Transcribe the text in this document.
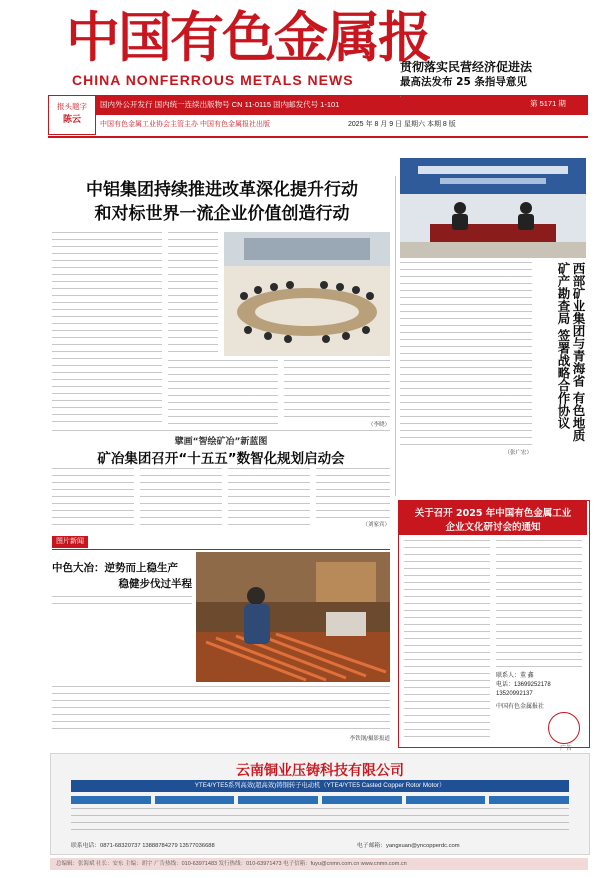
中国有色金属报
CHINA NONFERROUS METALS NEWS
国内外公开发行 国内统一连续出版物号 CN 11-0115 国内邮发代号 1-101
报头题字
陈云
中国有色金属工业协会主管主办 中国有色金属报社出版	2025 年 8 月 9 日 星期六 本期 8 版
第 5171 期
贯彻落实民营经济促进法
最高法发布 25 条指导意见
中铝集团持续推进改革深化提升行动
和对标世界一流企业价值创造行动
（李晓）
擘画“智绘矿冶”新蓝图
矿冶集团召开“十五五”数智化规划启动会
（刘家宾）
（张广宏）
西部矿业集团与青海省 有色地质矿产勘查局 签署战略合作协议
关于召开 2025 年中国有色金属工业
企业文化研讨会的通知
联系人：董 鑫
电话：13699252178
13520992137
中国有色金属报社
图片新闻
中色大冶：逆势而上稳生产
稳健步伐过半程
李铁钢/摄影报道
广告
云南铜业压铸科技有限公司
YTE4/YTE5系列高效(超高效)铸铜转子电动机（YTE4/YTE5 Casted Copper Rotor Motor）
联系电话：0871-68320737 13888784279 13577036688	电子邮箱：yangxuan@yncopperdc.com
总编辑：张海斌 社长：安东 主编：胡宇 广告热线：010-63971483 发行热线：010-63971473 电子信箱：fuyu@cnmn.com.cn www.cnmn.com.cn
